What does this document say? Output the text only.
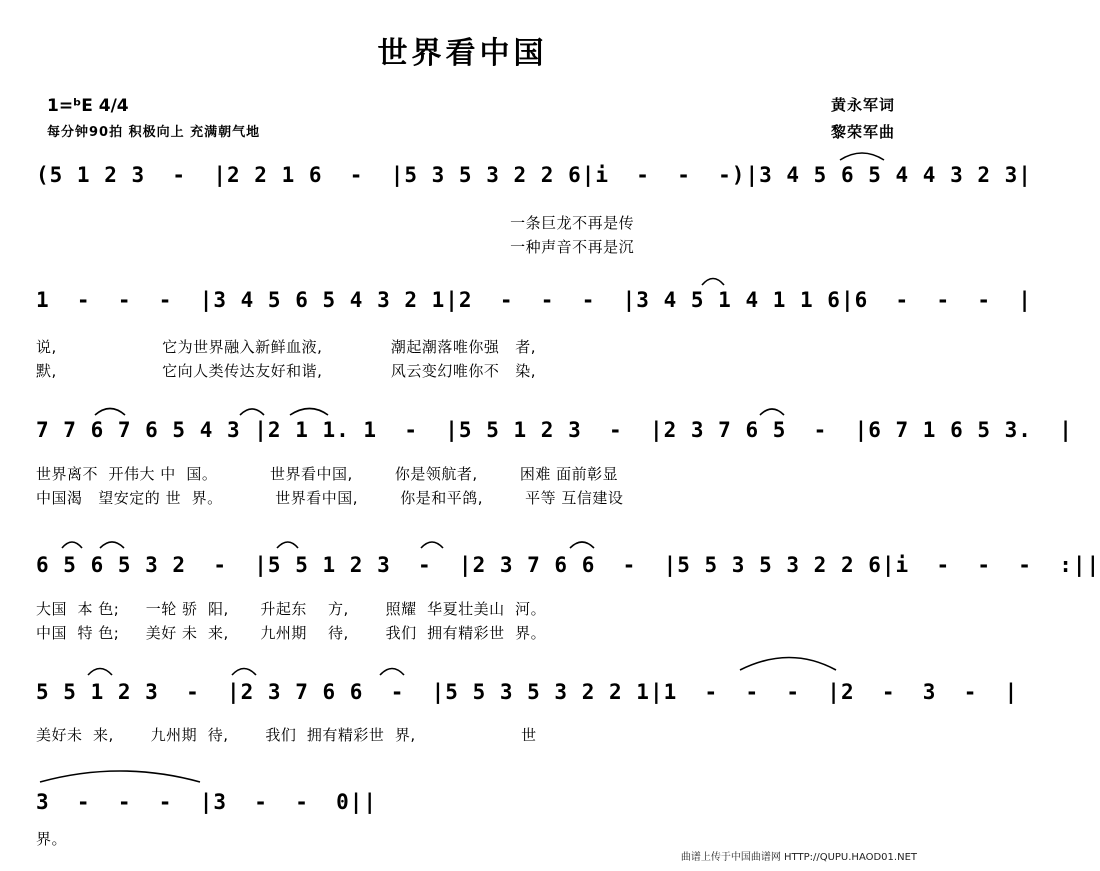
世界看中国
1=ᵇE 4/4
每分钟90拍 积极向上 充满朝气地
黄永军词
黎荣军曲
(5 1 2 3  -  |2 2 1 6  -  |5 3 5 3 2 2 6|i  -  -  -)|3 4 5 6 5 4 4 3 2 3|
一条巨龙不再是传
一种声音不再是沉
1  -  -  -  |3 4 5 6 5 4 3 2 1|2  -  -  -  |3 4 5 1 4 1 1 6|6  -  -  -  |
说,                    它为世界融入新鲜血液,             潮起潮落唯你强   者,
默,                    它向人类传达友好和谐,             风云变幻唯你不   染,
7 7 6 7 6 5 4 3 |2 1 1. 1  -  |5 5 1 2 3  -  |2 3 7 6 5  -  |6 7 1 6 5 3.  |
世界离不  开伟大 中  国。          世界看中国,        你是领航者,        困难 面前彰显
中国渴   望安定的 世  界。          世界看中国,        你是和平鸽,        平等 互信建设
6 5 6 5 3 2  -  |5 5 1 2 3  -  |2 3 7 6 6  -  |5 5 3 5 3 2 2 6|i  -  -  -  :||
大国  本 色;     一轮 骄  阳,      升起东    方,       照耀  华夏壮美山  河。
中国  特 色;     美好 未  来,      九州期    待,       我们  拥有精彩世  界。
5 5 1 2 3  -  |2 3 7 6 6  -  |5 5 3 5 3 2 2 1|1  -  -  -  |2  -  3  -  |
美好未  来,       九州期  待,       我们  拥有精彩世  界,                    世
3  -  -  -  |3  -  -  0||
界。
曲谱上传于中国曲谱网 HTTP://QUPU.HAOD01.NET
